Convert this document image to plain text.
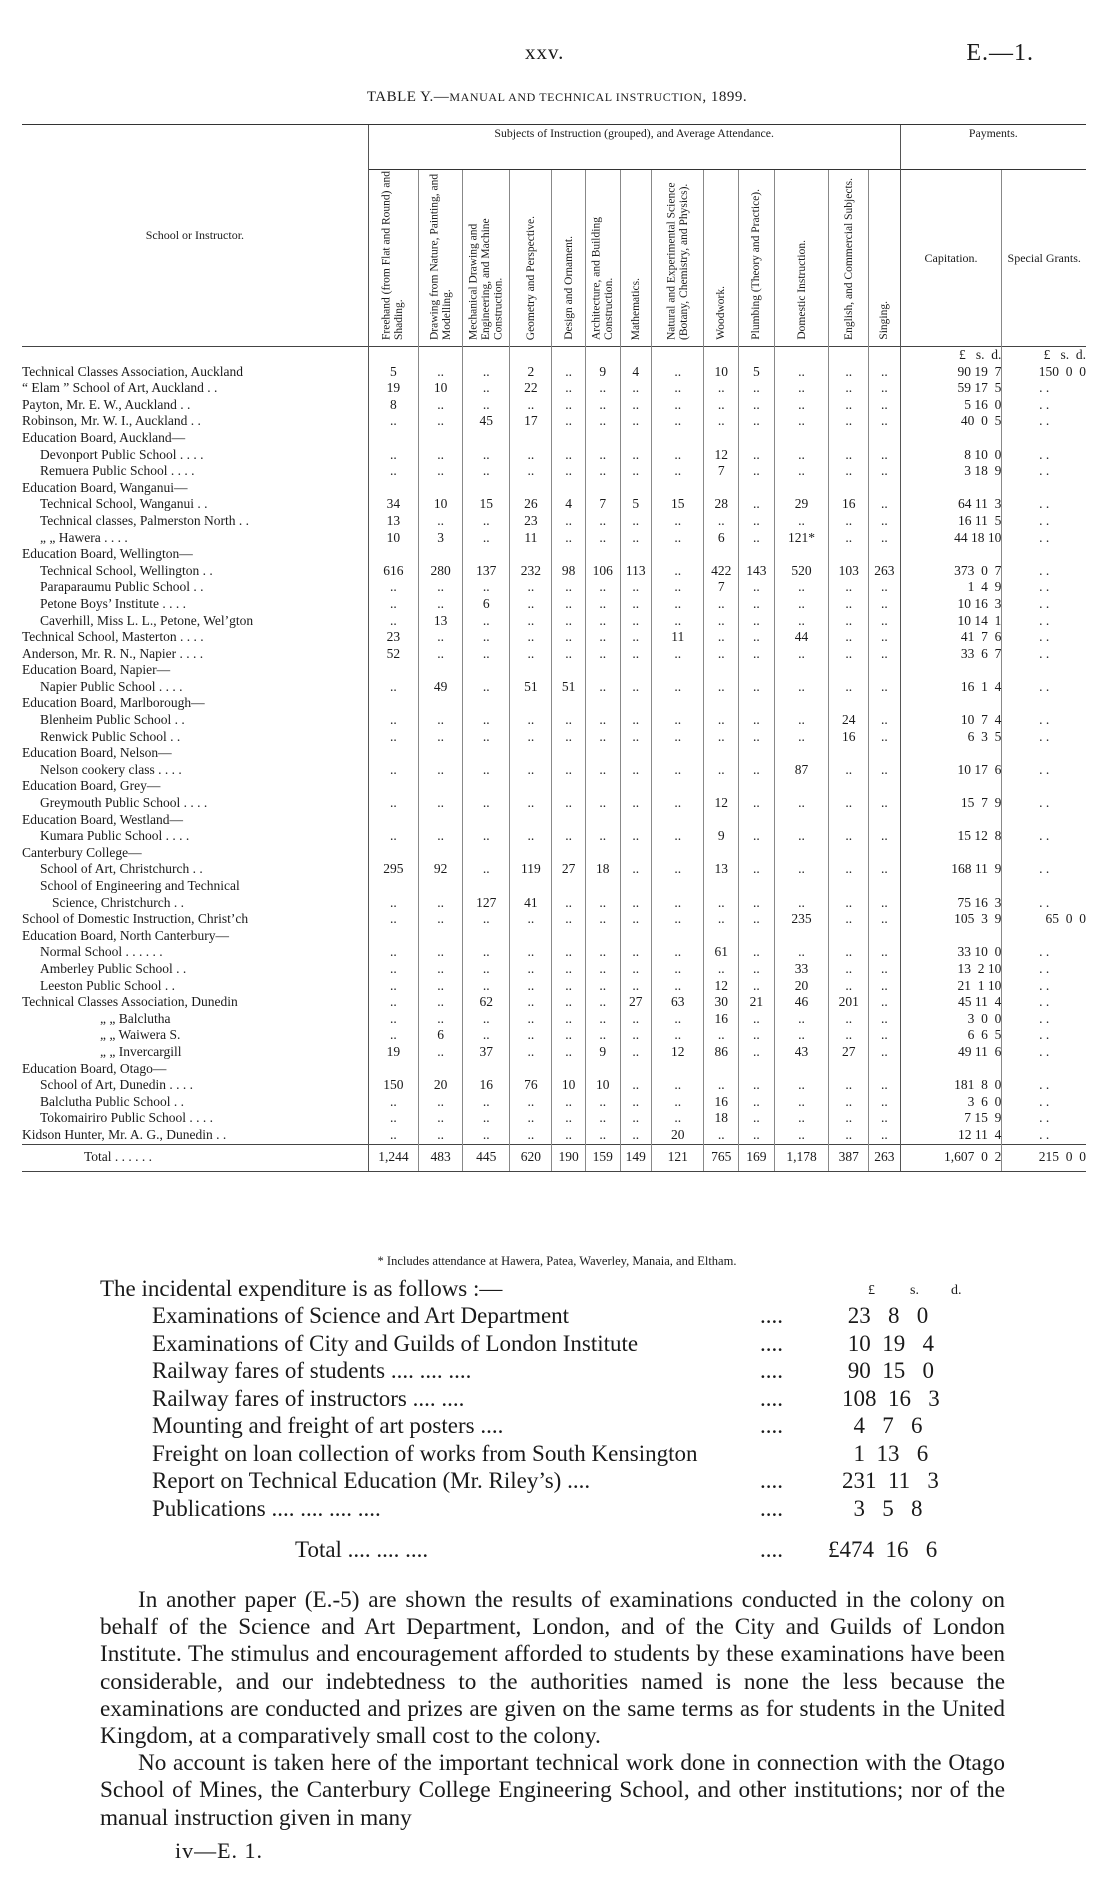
xxv.	E.—1.
TABLE Y.—MANUAL AND TECHNICAL INSTRUCTION, 1899.
School or Instructor.	Subjects of Instruction (grouped), and Average Attendance.													Payments.	

	Freehand (from Flat and Round) and Shading.	Drawing from Nature, Painting, and Modelling.	Mechanical Drawing and Engineering, and Machine Construction.	Geometry and Perspective.	Design and Ornament.	Architecture, and Building Construction.	Mathematics.	Natural and Experimental Science (Botany, Chemistry, and Physics).	Woodwork.	Plumbing (Theory and Practice).	Domestic Instruction.	English, and Commercial Subjects.	Singing.	Capitation.	Special Grants.
														£   s.  d.	£   s.  d.
Technical Classes Association, Auckland	5	..	..	2	..	9	4	..	10	5	..	..	..	90 19  7	150  0  0
“ Elam ” School of Art, Auckland . .	19	10	..	22	..	..	..	..	..	..	..	..	..	59 17  5	. .
Payton, Mr. E. W., Auckland . .	8	..	..	..	..	..	..	..	..	..	..	..	..	5 16  0	. .
Robinson, Mr. W. I., Auckland . .	..	..	45	17	..	..	..	..	..	..	..	..	..	40  0  5	. .
Education Board, Auckland—															
Devonport Public School . . . .	..	..	..	..	..	..	..	..	12	..	..	..	..	8 10  0	. .
Remuera Public School . . . .	..	..	..	..	..	..	..	..	7	..	..	..	..	3 18  9	. .
Education Board, Wanganui—															
Technical School, Wanganui . .	34	10	15	26	4	7	5	15	28	..	29	16	..	64 11  3	. .
Technical classes, Palmerston North . .	13	..	..	23	..	..	..	..	..	..	..	..	..	16 11  5	. .
„ „ Hawera . . . .	10	3	..	11	..	..	..	..	6	..	121*	..	..	44 18 10	. .
Education Board, Wellington—															
Technical School, Wellington . .	616	280	137	232	98	106	113	..	422	143	520	103	263	373  0  7	. .
Paraparaumu Public School . .	..	..	..	..	..	..	..	..	7	..	..	..	..	1  4  9	. .
Petone Boys’ Institute . . . .	..	..	6	..	..	..	..	..	..	..	..	..	..	10 16  3	. .
Caverhill, Miss L. L., Petone, Wel’gton	..	13	..	..	..	..	..	..	..	..	..	..	..	10 14  1	. .
Technical School, Masterton . . . .	23	..	..	..	..	..	..	11	..	..	44	..	..	41  7  6	. .
Anderson, Mr. R. N., Napier . . . .	52	..	..	..	..	..	..	..	..	..	..	..	..	33  6  7	. .
Education Board, Napier—															
Napier Public School . . . .	..	49	..	51	51	..	..	..	..	..	..	..	..	16  1  4	. .
Education Board, Marlborough—															
Blenheim Public School . .	..	..	..	..	..	..	..	..	..	..	..	24	..	10  7  4	. .
Renwick Public School . .	..	..	..	..	..	..	..	..	..	..	..	16	..	6  3  5	. .
Education Board, Nelson—															
Nelson cookery class . . . .	..	..	..	..	..	..	..	..	..	..	87	..	..	10 17  6	. .
Education Board, Grey—															
Greymouth Public School . . . .	..	..	..	..	..	..	..	..	12	..	..	..	..	15  7  9	. .
Education Board, Westland—															
Kumara Public School . . . .	..	..	..	..	..	..	..	..	9	..	..	..	..	15 12  8	. .
Canterbury College—															
School of Art, Christchurch . .	295	92	..	119	27	18	..	..	13	..	..	..	..	168 11  9	. .
School of Engineering and Technical															
Science, Christchurch . .	..	..	127	41	..	..	..	..	..	..	..	..	..	75 16  3	. .
School of Domestic Instruction, Christ’ch	..	..	..	..	..	..	..	..	..	..	235	..	..	105  3  9	65  0  0
Education Board, North Canterbury—															
Normal School . . . . . .	..	..	..	..	..	..	..	..	61	..	..	..	..	33 10  0	. .
Amberley Public School . .	..	..	..	..	..	..	..	..	..	..	33	..	..	13  2 10	. .
Leeston Public School . .	..	..	..	..	..	..	..	..	12	..	20	..	..	21  1 10	. .
Technical Classes Association, Dunedin	..	..	62	..	..	..	27	63	30	21	46	201	..	45 11  4	. .
„ „ Balclutha	..	..	..	..	..	..	..	..	16	..	..	..	..	3  0  0	. .
„ „ Waiwera S.	..	6	..	..	..	..	..	..	..	..	..	..	..	6  6  5	. .
„ „ Invercargill	19	..	37	..	..	9	..	12	86	..	43	27	..	49 11  6	. .
Education Board, Otago—															
School of Art, Dunedin . . . .	150	20	16	76	10	10	..	..	..	..	..	..	..	181  8  0	. .
Balclutha Public School . .	..	..	..	..	..	..	..	..	16	..	..	..	..	3  6  0	. .
Tokomairiro Public School . . . .	..	..	..	..	..	..	..	..	18	..	..	..	..	7 15  9	. .
Kidson Hunter, Mr. A. G., Dunedin . .	..	..	..	..	..	..	..	20	..	..	..	..	..	12 11  4	. .
Total . . . . . .	1,244	483	445	620	190	159	149	121	765	169	1,178	387	263	1,607  0  2	215  0  0
* Includes attendance at Hawera, Patea, Waverley, Manaia, and Eltham.
The incidental expenditure is as follows :—	£	s. d.
Examinations of Science and Art Department	....	23   8   0
Examinations of City and Guilds of London Institute	....	10  19   4
Railway fares of students .... .... ....	....	90  15   0
Railway fares of instructors .... ....	....	108  16   3
Mounting and freight of art posters ....	....	4   7   6
Freight on loan collection of works from South Kensington	1  13   6
Report on Technical Education (Mr. Riley’s) ....	....	231  11   3
Publications .... .... .... ....	....	3   5   8
Total .... .... ....	.... £474  16   6

In another paper (E.-5) are shown the results of examinations conducted in the colony on behalf of the Science and Art Department, London, and of the City and Guilds of London Institute. The stimulus and encouragement afforded to students by these examinations have been considerable, and our indebtedness to the authorities named is none the less because the examinations are conducted and prizes are given on the same terms as for students in the United Kingdom, at a comparatively small cost to the colony.

No account is taken here of the important technical work done in connection with the Otago School of Mines, the Canterbury College Engineering School, and other institutions; nor of the manual instruction given in many

iv—E. 1.
